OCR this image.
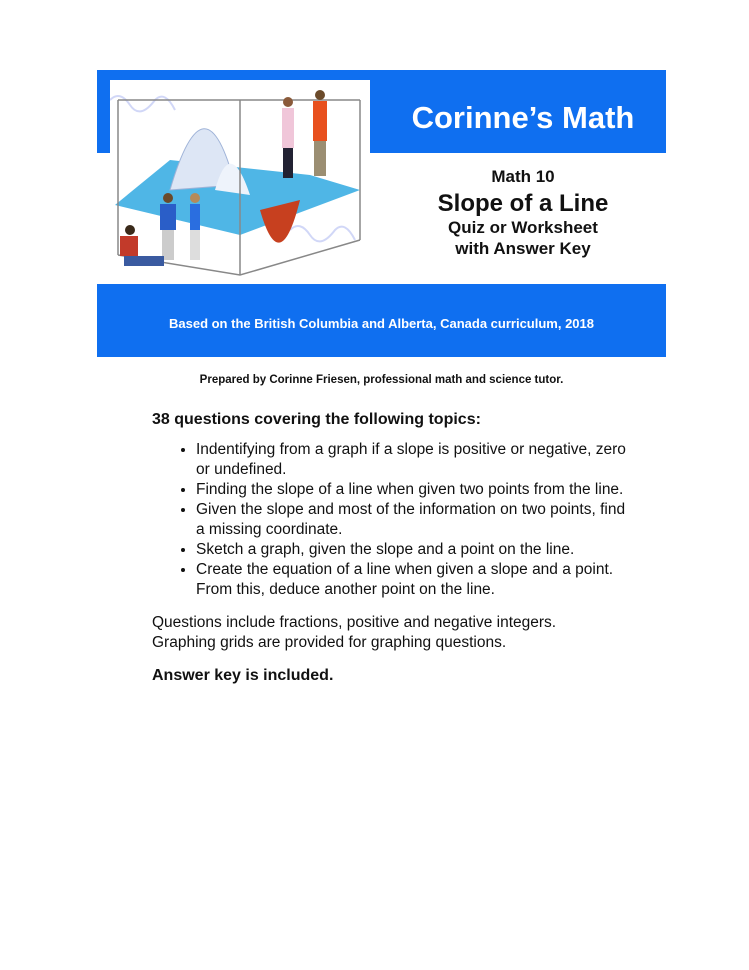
Corinne’s Math
Math 10
Slope of a Line
Quiz or Worksheet
with Answer Key
Based on the British Columbia and Alberta, Canada curriculum, 2018
Prepared by Corinne Friesen, professional math and science tutor.
38 questions covering the following topics:
• Indentifying from a graph if a slope is positive or negative, zero or undefined.
• Finding the slope of a line when given two points from the line.
• Given the slope and most of the information on two points, find a missing coordinate.
• Sketch a graph, given the slope and a point on the line.
• Create the equation of a line when given a slope and a point. From this, deduce another point on the line.

Questions include fractions, positive and negative integers.
Graphing grids are provided for graphing questions.

Answer key is included.
